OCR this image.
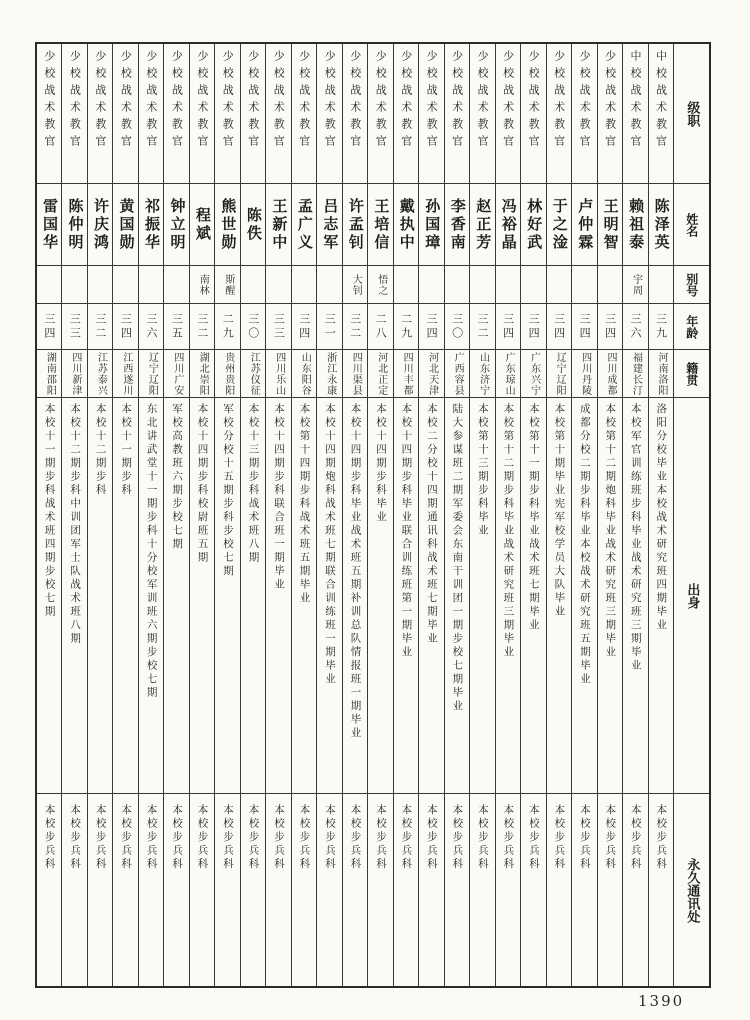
级职
姓名
别号
年龄
籍贯
出身
永久通讯处
中校战术教官
陈泽英
三九
河南洛阳
洛阳分校毕业本校战术研究班四期毕业
本校步兵科
中校战术教官
赖祖泰
宇周
三六
福建长汀
本校军官训练班步科毕业战术研究班三期毕业
本校步兵科
少校战术教官
王明智
三四
四川成都
本校第十二期炮科毕业战术研究班三期毕业
本校步兵科
少校战术教官
卢仲霖
三四
四川丹陵
成都分校二期步科毕业本校战术研究班五期毕业
本校步兵科
少校战术教官
于之淦
三四
辽宁辽阳
本校第十期毕业宪军校学员大队毕业
本校步兵科
少校战术教官
林好武
三四
广东兴宁
本校第十一期步科毕业战术班七期毕业
本校步兵科
少校战术教官
冯裕晶
三四
广东琼山
本校第十二期步科毕业战术研究班三期毕业
本校步兵科
少校战术教官
赵正芳
三二
山东济宁
本校第十三期步科毕业
本校步兵科
少校战术教官
李香南
三〇
广西容县
陆大参谋班二期军委会东南干训团一期步校七期毕业
本校步兵科
少校战术教官
孙国璋
三四
河北天津
本校二分校十四期通讯科战术班七期毕业
本校步兵科
少校战术教官
戴执中
二九
四川丰都
本校十四期步科毕业联合训练班第一期毕业
本校步兵科
少校战术教官
王培信
悟之
二八
河北正定
本校十四期步科毕业
本校步兵科
少校战术教官
许孟钊
大钊
三二
四川渠县
本校十四期步科毕业战术班五期补训总队情报班一期毕业
本校步兵科
少校战术教官
吕志军
三一
浙江永康
本校十四期炮科战术班七期联合训练班一期毕业
本校步兵科
少校战术教官
孟广义
三四
山东阳谷
本校第十四期步科战术班五期毕业
本校步兵科
少校战术教官
王新中
三三
四川乐山
本校十四期步科联合班一期毕业
本校步兵科
少校战术教官
陈佚
三〇
江苏仪征
本校十三期步科战术班八期
本校步兵科
少校战术教官
熊世勋
斯醒
二九
贵州贵阳
军校分校十五期步科步校七期
本校步兵科
少校战术教官
程斌
南林
三二
湖北崇阳
本校十四期步科校尉班五期
本校步兵科
少校战术教官
钟立明
三五
四川广安
军校高教班六期步校七期
本校步兵科
少校战术教官
祁振华
三六
辽宁辽阳
东北讲武堂十一期步科十分校军训班六期步校七期
本校步兵科
少校战术教官
黄国勋
三四
江西遂川
本校十一期步科
本校步兵科
少校战术教官
许庆鸿
三二
江苏泰兴
本校十二期步科
本校步兵科
少校战术教官
陈仲明
三三
四川新津
本校十二期步科中训团军士队战术班八期
本校步兵科
少校战术教官
雷国华
三四
湖南邵阳
本校十一期步科战术班四期步校七期
本校步兵科
1390
